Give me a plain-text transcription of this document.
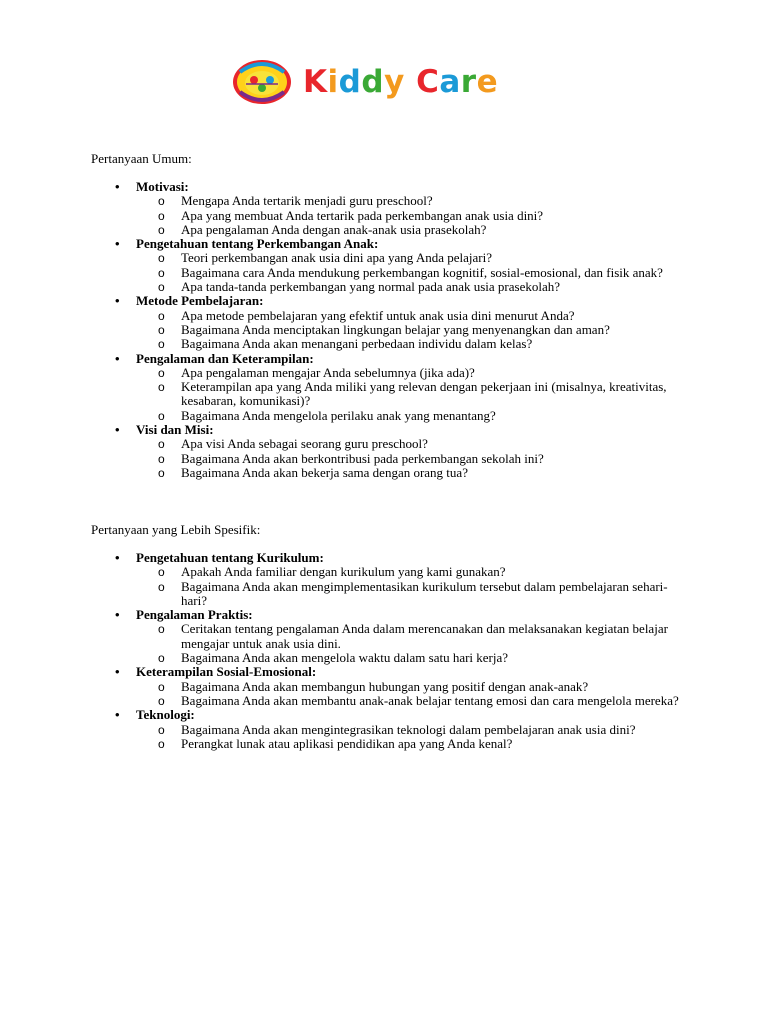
Kiddy Care
Pertanyaan Umum:
• Motivasi:
o Mengapa Anda tertarik menjadi guru preschool?
o Apa yang membuat Anda tertarik pada perkembangan anak usia dini?
o Apa pengalaman Anda dengan anak-anak usia prasekolah?
• Pengetahuan tentang Perkembangan Anak:
o Teori perkembangan anak usia dini apa yang Anda pelajari?
o Bagaimana cara Anda mendukung perkembangan kognitif, sosial-emosional, dan fisik anak?
o Apa tanda-tanda perkembangan yang normal pada anak usia prasekolah?
• Metode Pembelajaran:
o Apa metode pembelajaran yang efektif untuk anak usia dini menurut Anda?
o Bagaimana Anda menciptakan lingkungan belajar yang menyenangkan dan aman?
o Bagaimana Anda akan menangani perbedaan individu dalam kelas?
• Pengalaman dan Keterampilan:
o Apa pengalaman mengajar Anda sebelumnya (jika ada)?
o Keterampilan apa yang Anda miliki yang relevan dengan pekerjaan ini (misalnya, kreativitas, kesabaran, komunikasi)?
o Bagaimana Anda mengelola perilaku anak yang menantang?
• Visi dan Misi:
o Apa visi Anda sebagai seorang guru preschool?
o Bagaimana Anda akan berkontribusi pada perkembangan sekolah ini?
o Bagaimana Anda akan bekerja sama dengan orang tua?
Pertanyaan yang Lebih Spesifik:
• Pengetahuan tentang Kurikulum:
o Apakah Anda familiar dengan kurikulum yang kami gunakan?
o Bagaimana Anda akan mengimplementasikan kurikulum tersebut dalam pembelajaran sehari-hari?
• Pengalaman Praktis:
o Ceritakan tentang pengalaman Anda dalam merencanakan dan melaksanakan kegiatan belajar mengajar untuk anak usia dini.
o Bagaimana Anda akan mengelola waktu dalam satu hari kerja?
• Keterampilan Sosial-Emosional:
o Bagaimana Anda akan membangun hubungan yang positif dengan anak-anak?
o Bagaimana Anda akan membantu anak-anak belajar tentang emosi dan cara mengelola mereka?
• Teknologi:
o Bagaimana Anda akan mengintegrasikan teknologi dalam pembelajaran anak usia dini?
o Perangkat lunak atau aplikasi pendidikan apa yang Anda kenal?
